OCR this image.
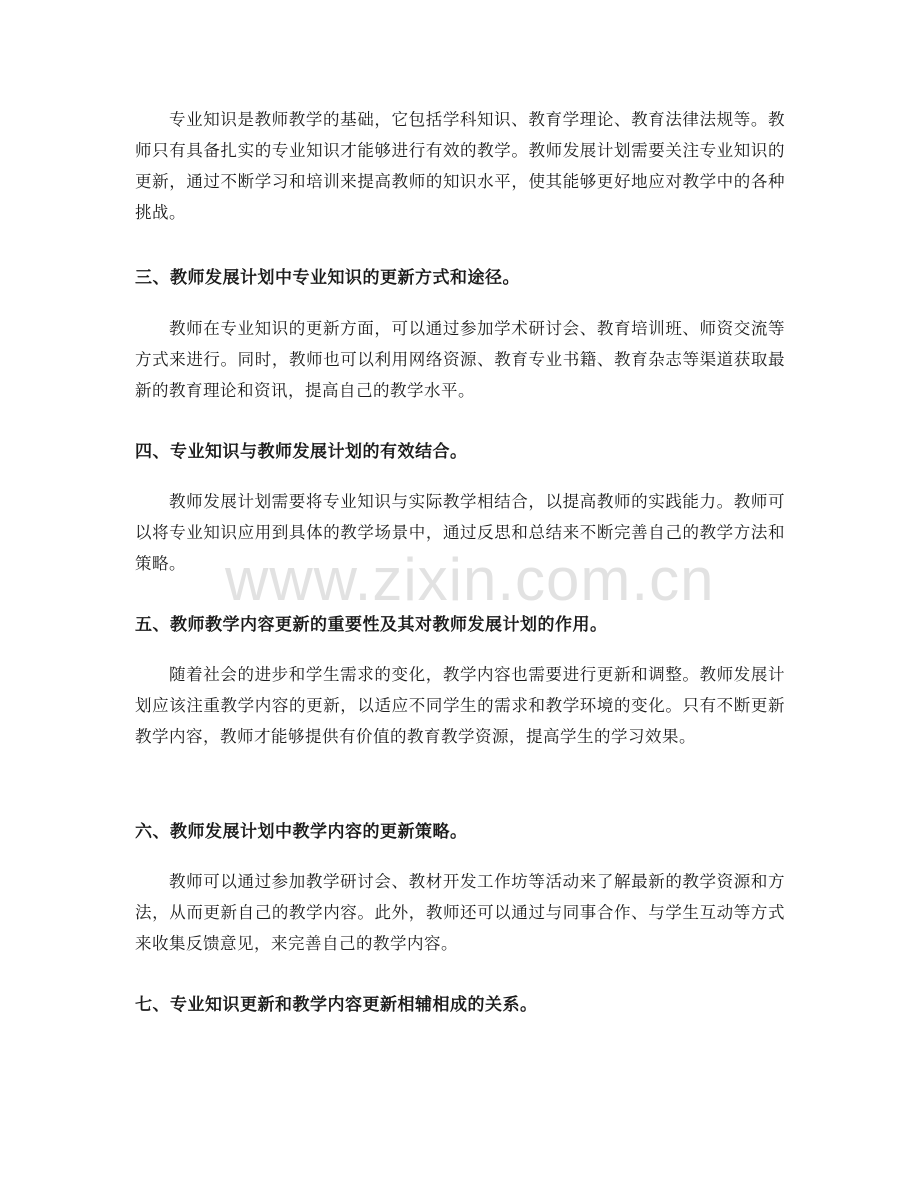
专业知识是教师教学的基础，它包括学科知识、教育学理论、教育法律法规等。教师只有具备扎实的专业知识才能够进行有效的教学。教师发展计划需要关注专业知识的更新，通过不断学习和培训来提高教师的知识水平，使其能够更好地应对教学中的各种挑战。

三、教师发展计划中专业知识的更新方式和途径。

教师在专业知识的更新方面，可以通过参加学术研讨会、教育培训班、师资交流等方式来进行。同时，教师也可以利用网络资源、教育专业书籍、教育杂志等渠道获取最新的教育理论和资讯，提高自己的教学水平。

四、专业知识与教师发展计划的有效结合。

教师发展计划需要将专业知识与实际教学相结合，以提高教师的实践能力。教师可以将专业知识应用到具体的教学场景中，通过反思和总结来不断完善自己的教学方法和策略。

五、教师教学内容更新的重要性及其对教师发展计划的作用。

随着社会的进步和学生需求的变化，教学内容也需要进行更新和调整。教师发展计划应该注重教学内容的更新，以适应不同学生的需求和教学环境的变化。只有不断更新教学内容，教师才能够提供有价值的教育教学资源，提高学生的学习效果。

六、教师发展计划中教学内容的更新策略。

教师可以通过参加教学研讨会、教材开发工作坊等活动来了解最新的教学资源和方法，从而更新自己的教学内容。此外，教师还可以通过与同事合作、与学生互动等方式来收集反馈意见，来完善自己的教学内容。

七、专业知识更新和教学内容更新相辅相成的关系。
www.zixin.com.cn
